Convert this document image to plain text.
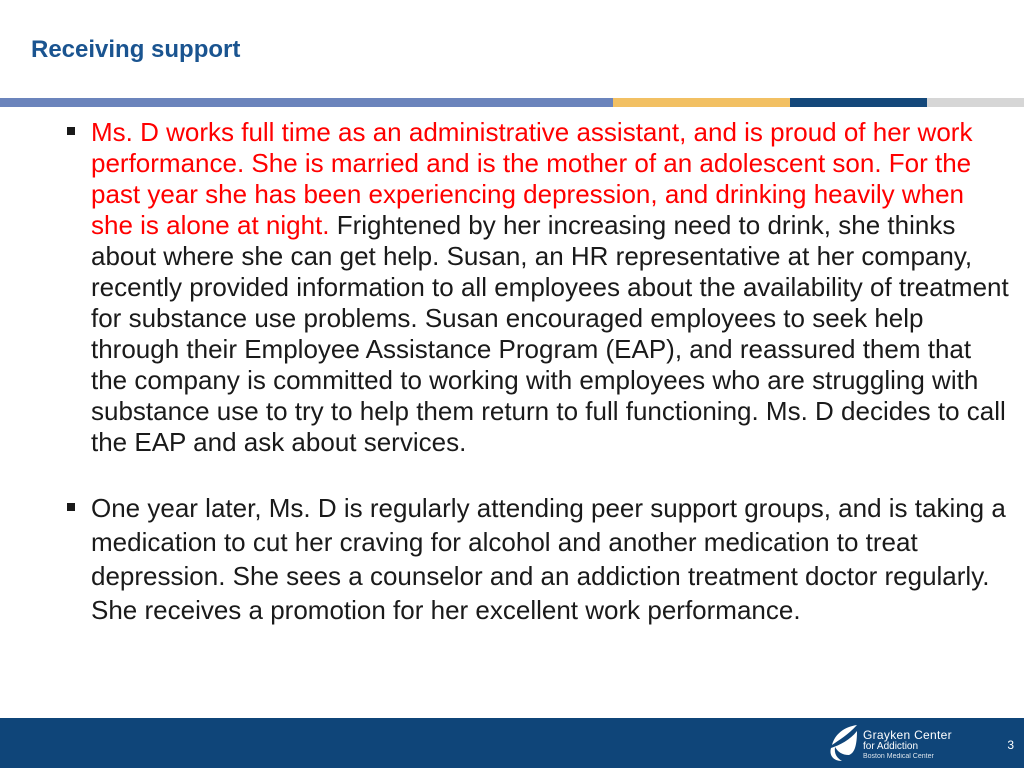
Receiving support
Ms. D works full time as an administrative assistant, and is proud of her work performance. She is married and is the mother of an adolescent son. For the past year she has been experiencing depression, and drinking heavily when she is alone at night. Frightened by her increasing need to drink, she thinks about where she can get help. Susan, an HR representative at her company, recently provided information to all employees about the availability of treatment for substance use problems. Susan encouraged employees to seek help through their Employee Assistance Program (EAP), and reassured them that the company is committed to working with employees who are struggling with substance use to try to help them return to full functioning. Ms. D decides to call the EAP and ask about services.
One year later, Ms. D is regularly attending peer support groups, and is taking a medication to cut her craving for alcohol and another medication to treat depression. She sees a counselor and an addiction treatment doctor regularly. She receives a promotion for her excellent work performance.
Grayken Center
for Addiction
Boston Medical Center
3
